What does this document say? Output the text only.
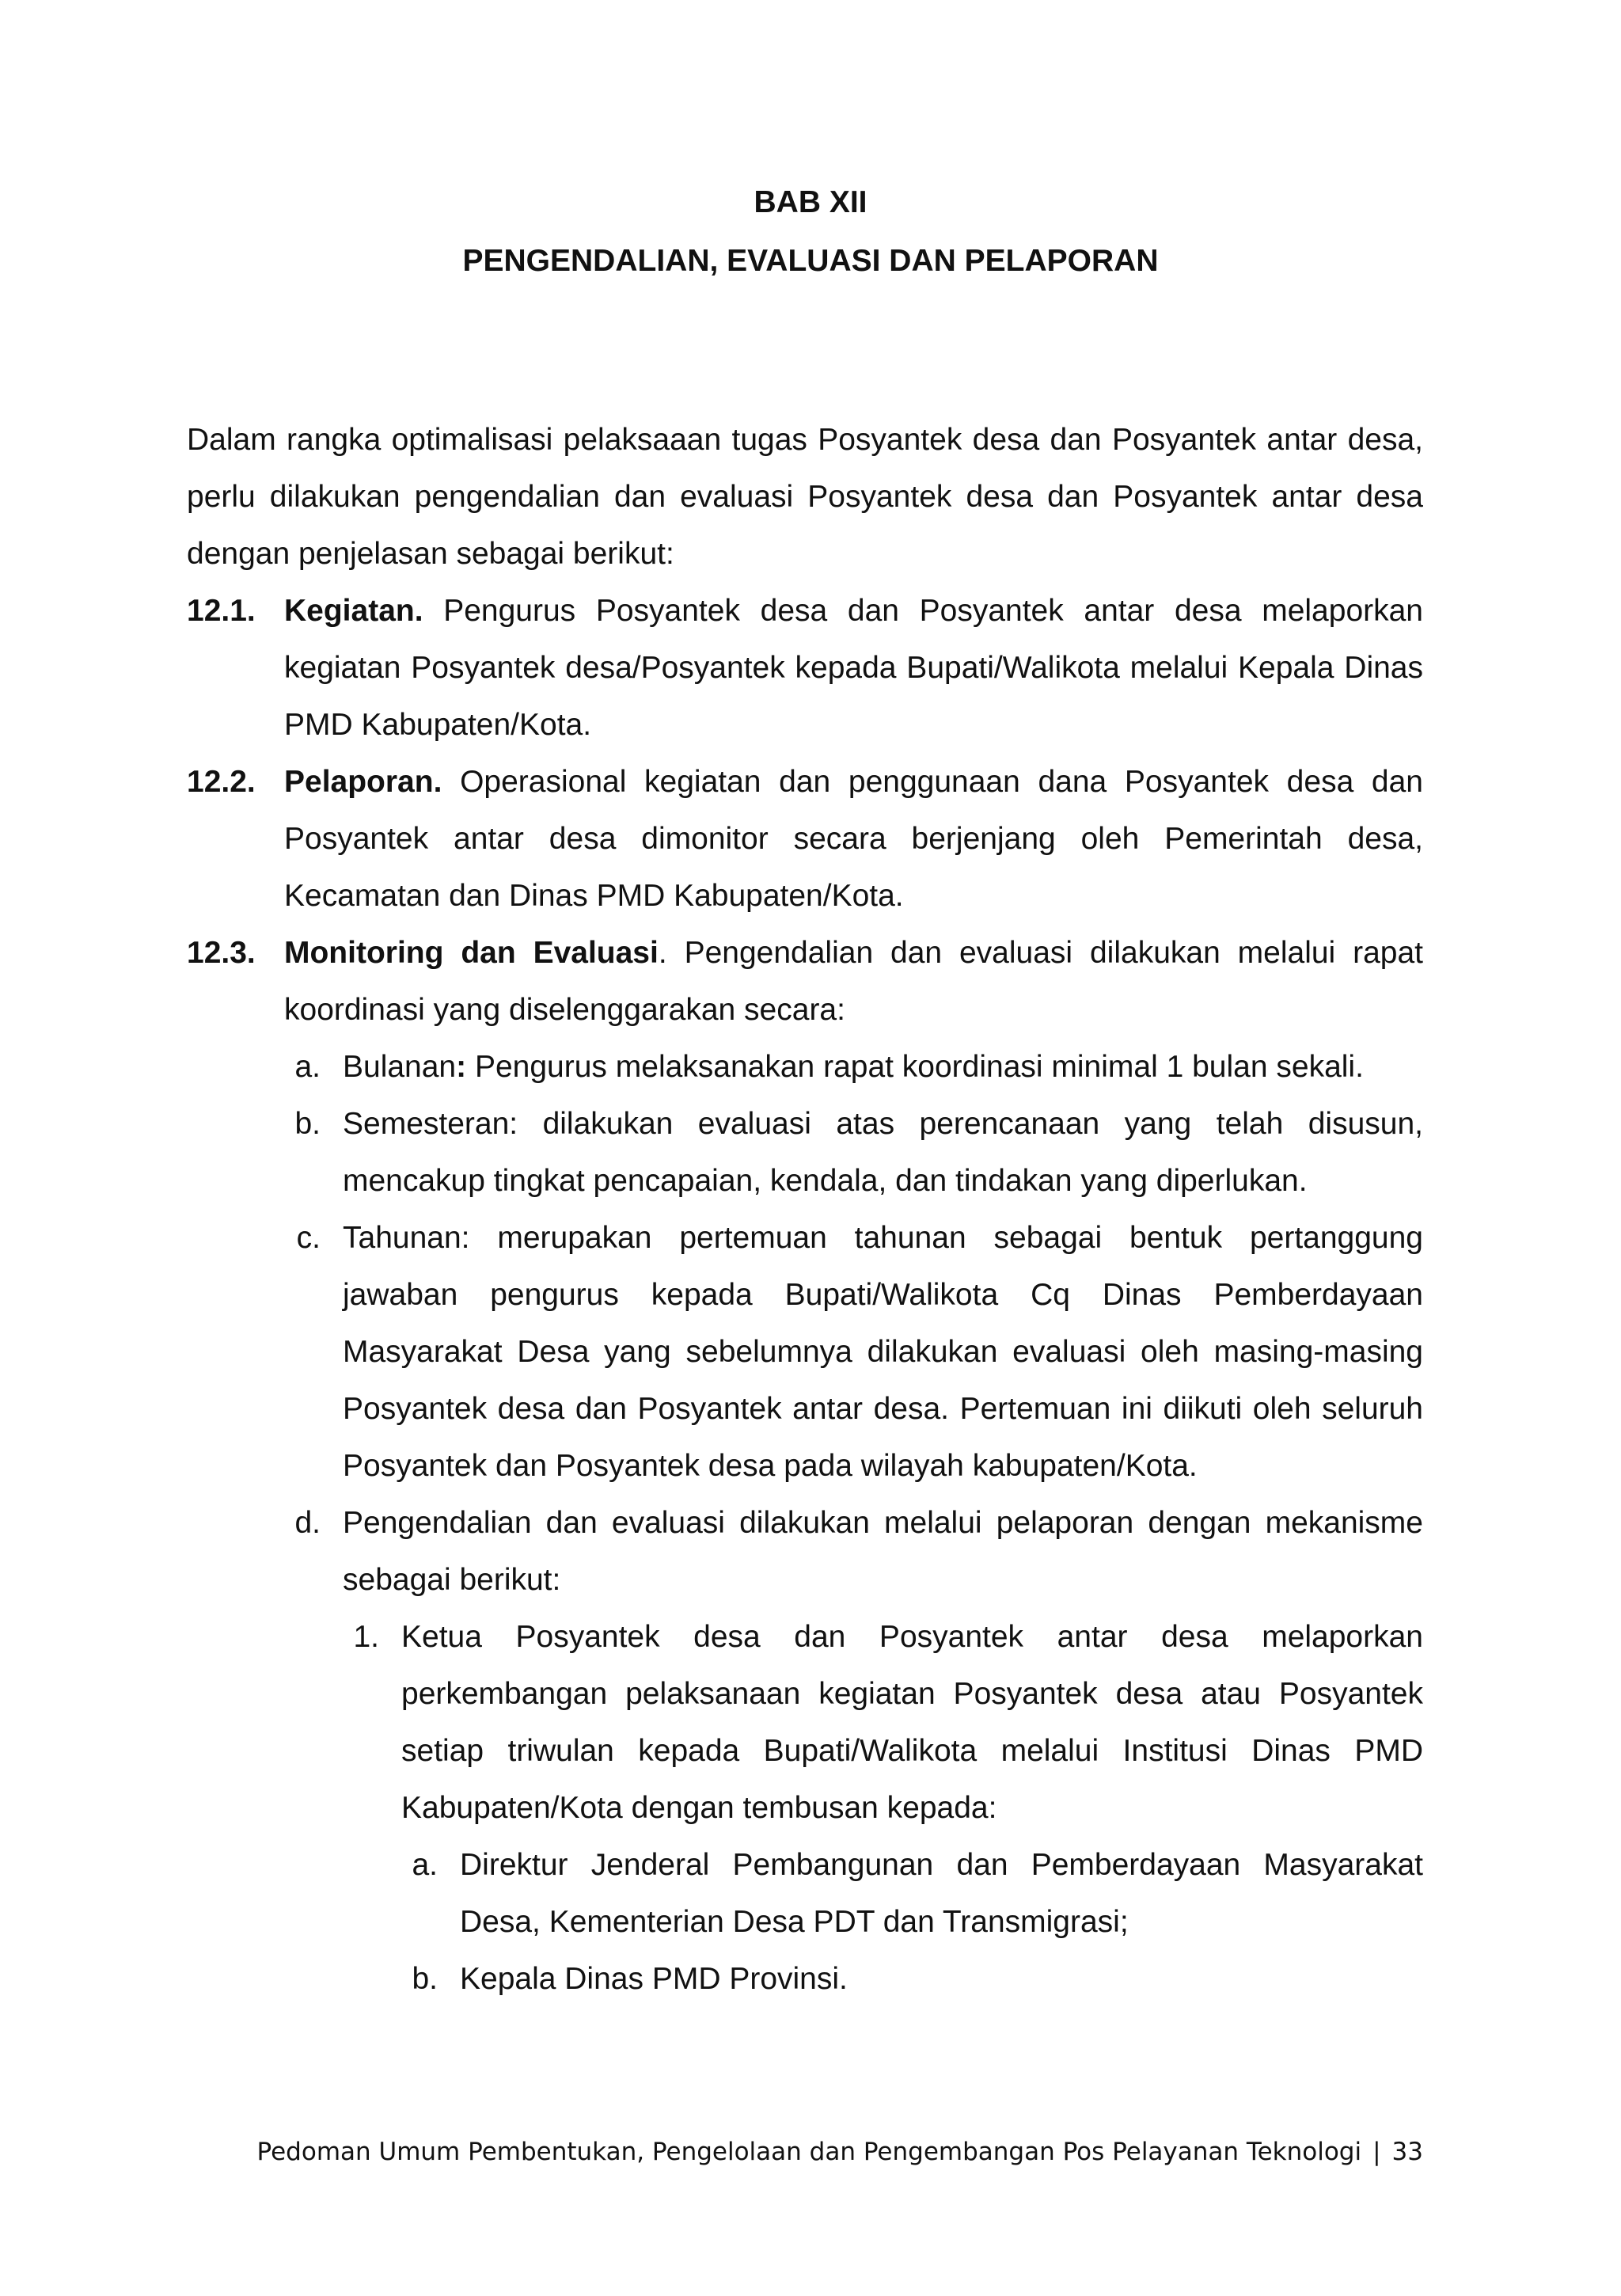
BAB XII
PENGENDALIAN, EVALUASI DAN PELAPORAN

Dalam rangka optimalisasi pelaksaaan tugas Posyantek desa dan Posyantek antar desa, perlu dilakukan pengendalian dan evaluasi Posyantek desa dan Posyantek antar desa dengan penjelasan sebagai berikut:

12.1. Kegiatan. Pengurus Posyantek desa dan Posyantek antar desa melaporkan kegiatan Posyantek desa/Posyantek kepada Bupati/Walikota melalui Kepala Dinas PMD Kabupaten/Kota.
12.2. Pelaporan. Operasional kegiatan dan penggunaan dana Posyantek desa dan Posyantek antar desa dimonitor secara berjenjang oleh Pemerintah desa, Kecamatan dan Dinas PMD Kabupaten/Kota.
12.3. Monitoring dan Evaluasi. Pengendalian dan evaluasi dilakukan melalui rapat koordinasi yang diselenggarakan secara:
a. Bulanan: Pengurus melaksanakan rapat koordinasi minimal 1 bulan sekali.
b. Semesteran: dilakukan evaluasi atas perencanaan yang telah disusun, mencakup tingkat pencapaian, kendala, dan tindakan yang diperlukan.
c. Tahunan: merupakan pertemuan tahunan sebagai bentuk pertanggung jawaban pengurus kepada Bupati/Walikota Cq Dinas Pemberdayaan Masyarakat Desa yang sebelumnya dilakukan evaluasi oleh masing-masing Posyantek desa dan Posyantek antar desa. Pertemuan ini diikuti oleh seluruh Posyantek dan Posyantek desa pada wilayah kabupaten/Kota.
d. Pengendalian dan evaluasi dilakukan melalui pelaporan dengan mekanisme sebagai berikut:
1. Ketua Posyantek desa dan Posyantek antar desa melaporkan perkembangan pelaksanaan kegiatan Posyantek desa atau Posyantek setiap triwulan kepada Bupati/Walikota melalui Institusi Dinas PMD Kabupaten/Kota dengan tembusan kepada:
a. Direktur Jenderal Pembangunan dan Pemberdayaan Masyarakat Desa, Kementerian Desa PDT dan Transmigrasi;
b. Kepala Dinas PMD Provinsi.
Pedoman Umum Pembentukan, Pengelolaan dan Pengembangan Pos Pelayanan Teknologi | 33
